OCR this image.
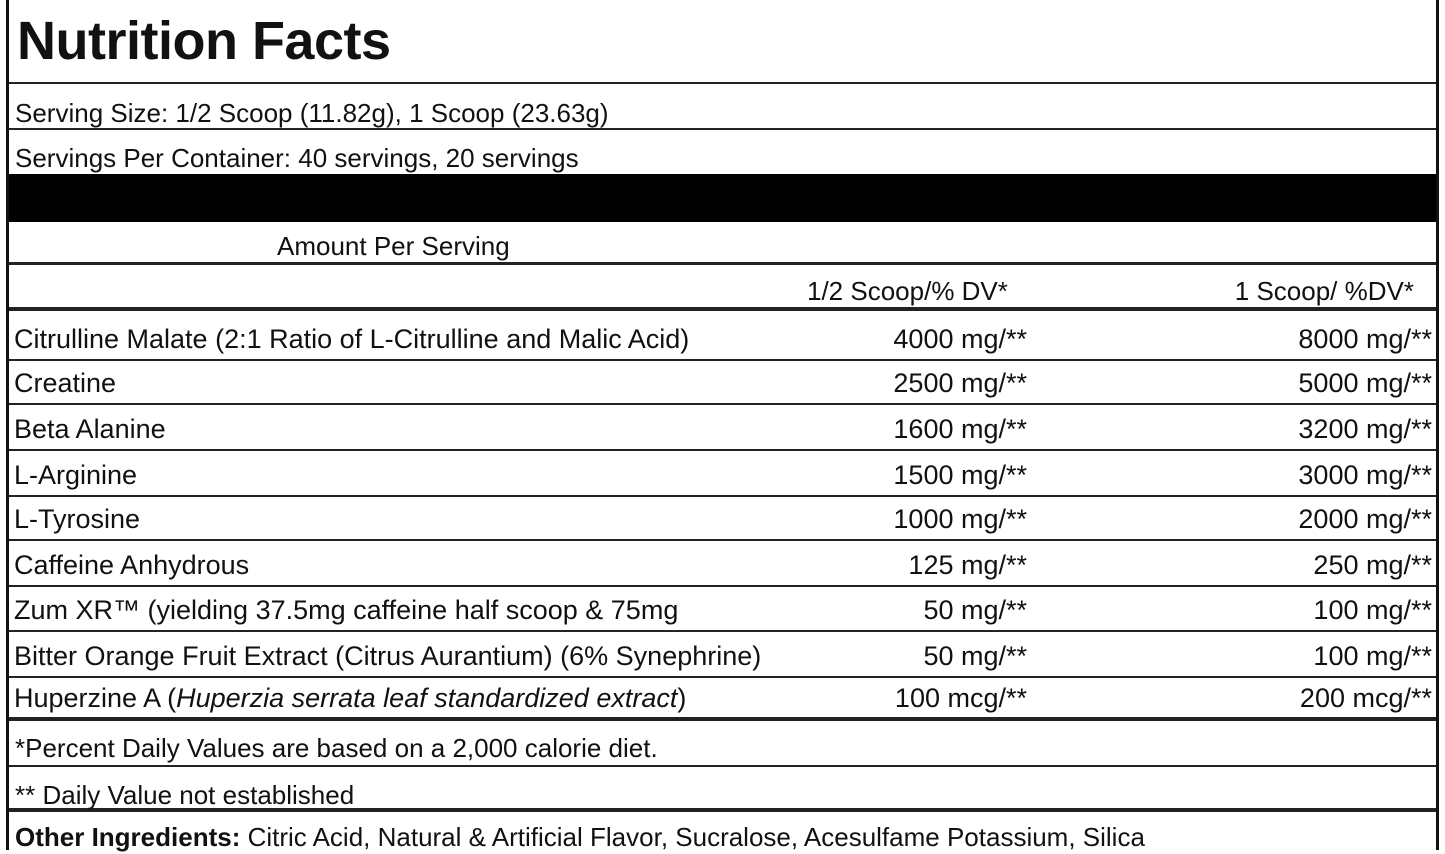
Nutrition Facts
Serving Size: 1/2 Scoop (11.82g), 1 Scoop (23.63g)
Servings Per Container: 40 servings, 20 servings
Amount Per Serving
1/2 Scoop/% DV*	1 Scoop/ %DV*
Citrulline Malate (2:1 Ratio of L-Citrulline and Malic Acid)	4000 mg/**	8000 mg/**
Creatine	2500 mg/**	5000 mg/**
Beta Alanine	1600 mg/**	3200 mg/**
L-Arginine	1500 mg/**	3000 mg/**
L-Tyrosine	1000 mg/**	2000 mg/**
Caffeine Anhydrous	125 mg/**	250 mg/**
Zum XR™ (yielding 37.5mg caffeine half scoop & 75mg	50 mg/**	100 mg/**
Bitter Orange Fruit Extract (Citrus Aurantium) (6% Synephrine)	50 mg/**	100 mg/**
Huperzine A (Huperzia serrata leaf standardized extract)	100 mcg/**	200 mcg/**
*Percent Daily Values are based on a 2,000 calorie diet.
** Daily Value not established
Other Ingredients: Citric Acid, Natural & Artificial Flavor, Sucralose, Acesulfame Potassium, Silica
